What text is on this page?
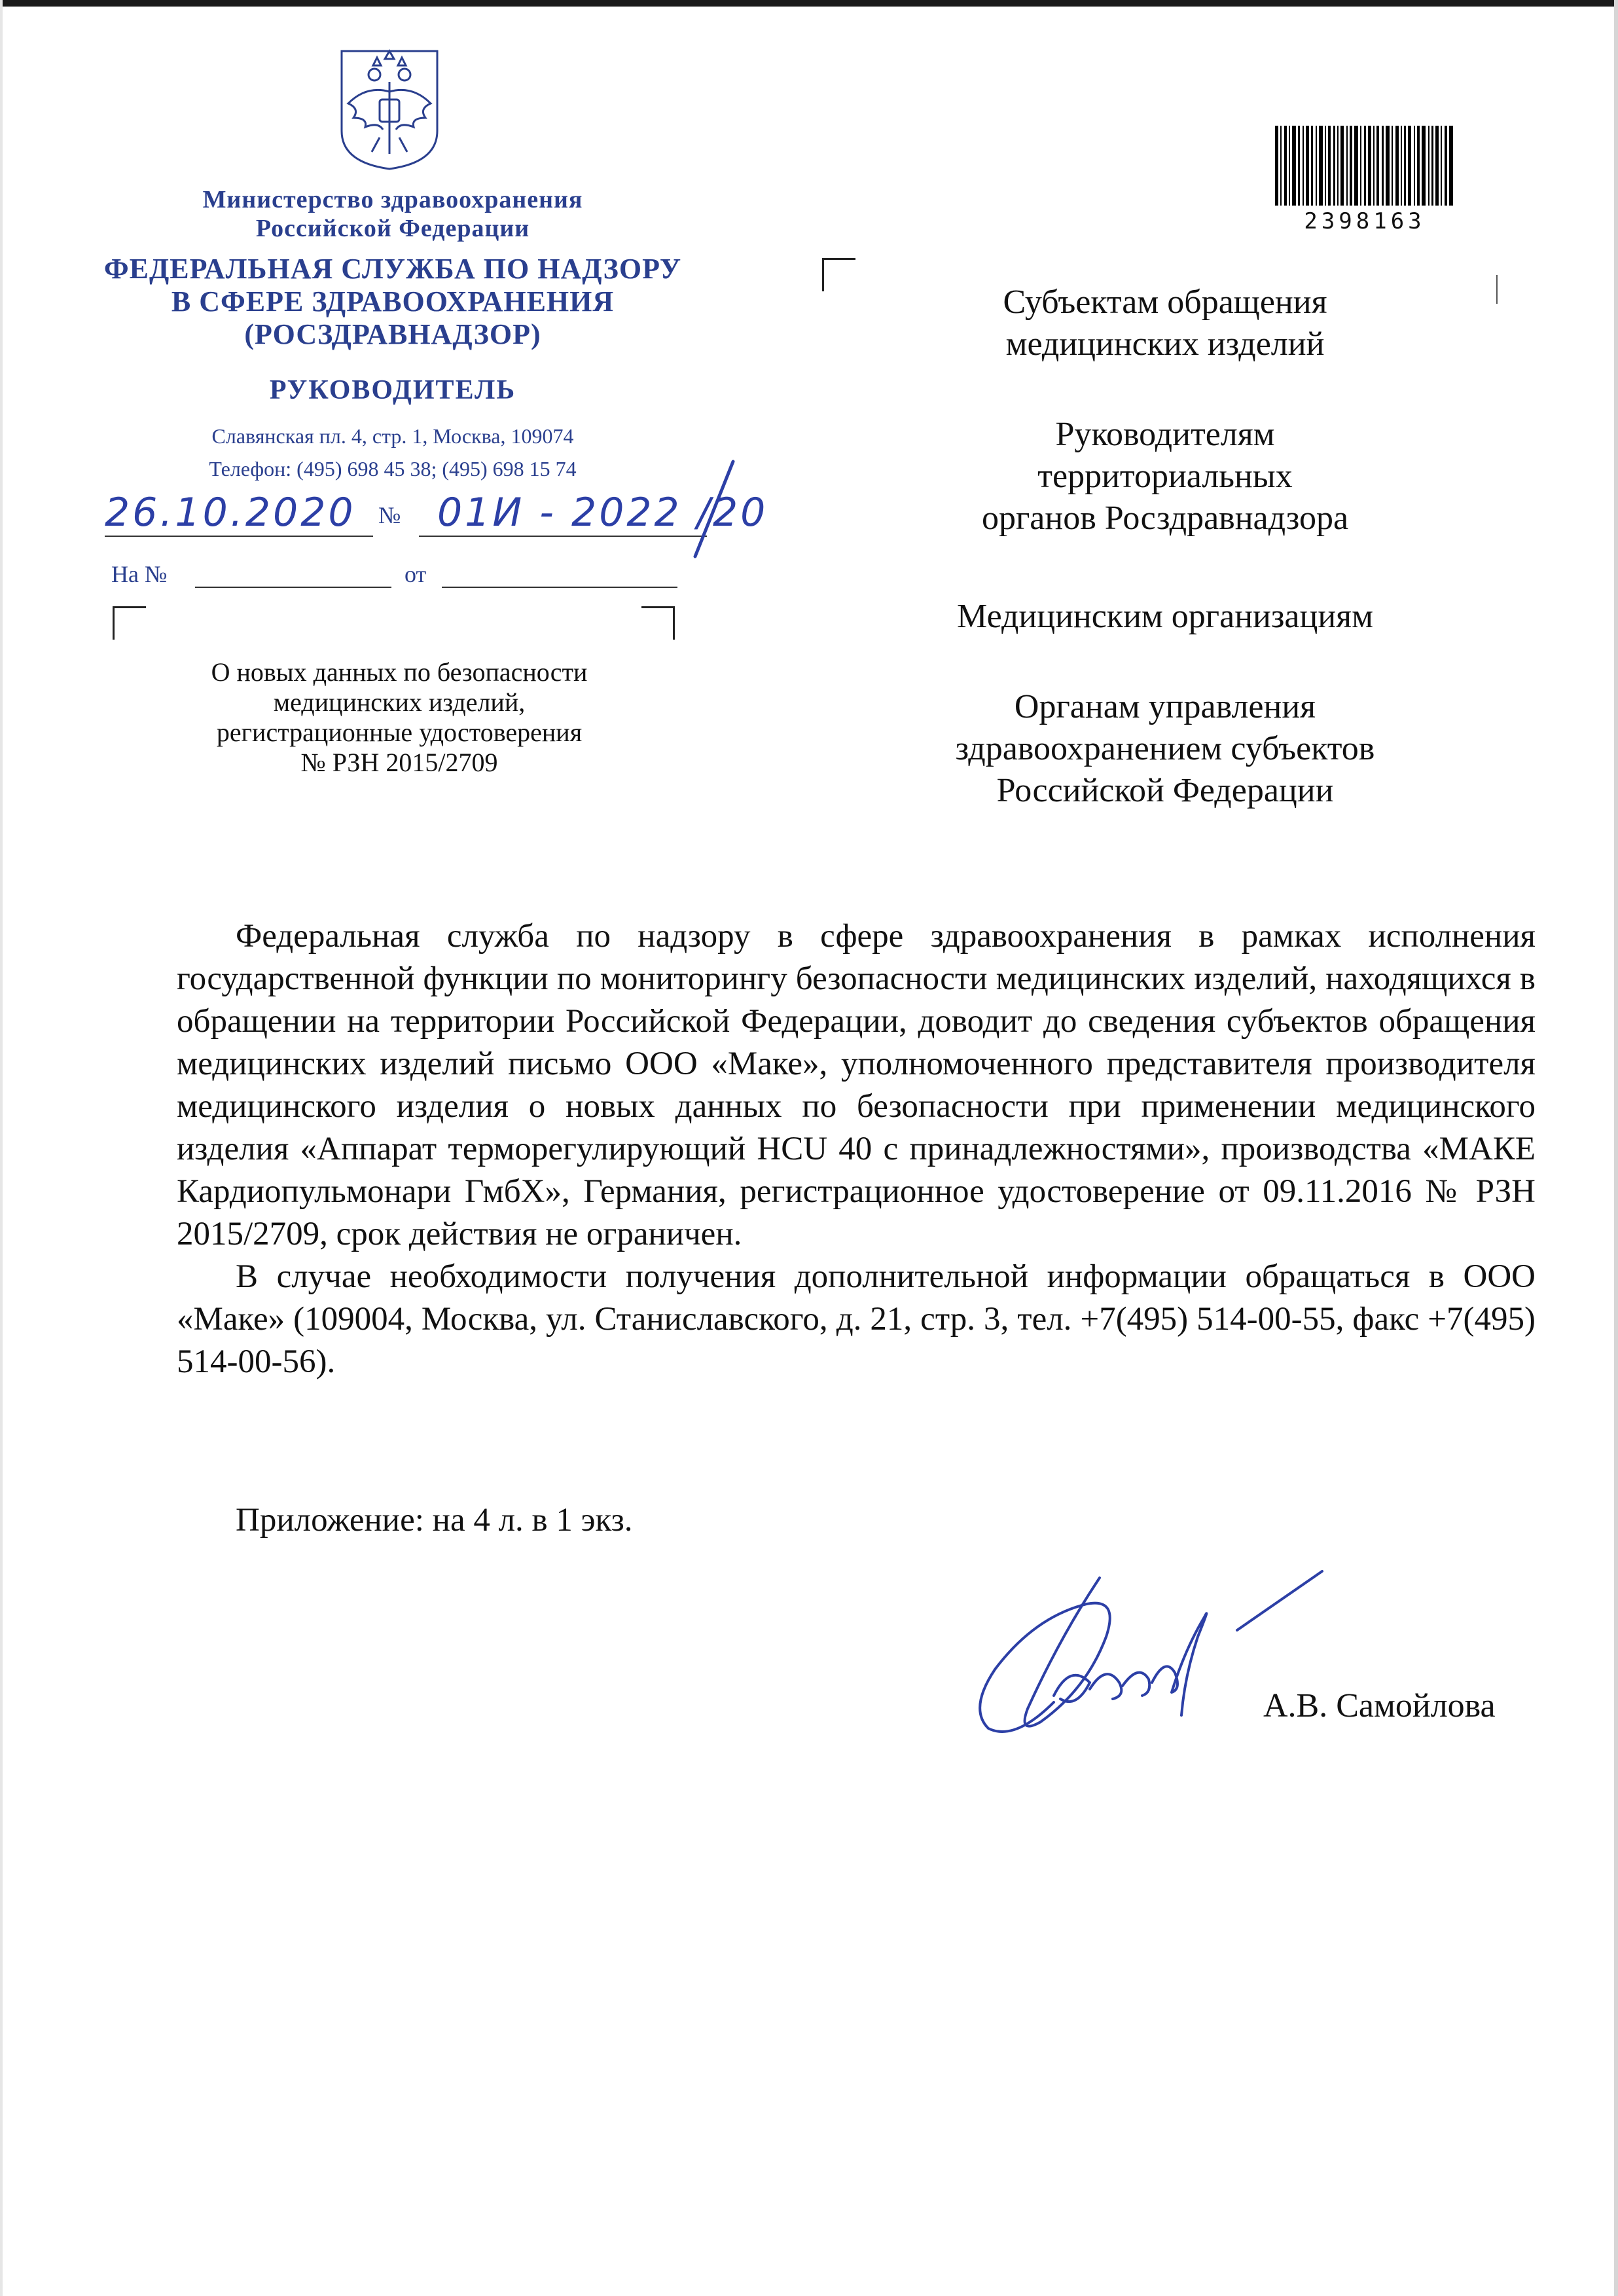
Министерство здравоохранения
Российской Федерации
ФЕДЕРАЛЬНАЯ СЛУЖБА ПО НАДЗОРУ
В СФЕРЕ ЗДРАВООХРАНЕНИЯ
(РОСЗДРАВНАДЗОР)
РУКОВОДИТЕЛЬ
Славянская пл. 4, стр. 1, Москва, 109074
Телефон: (495) 698 45 38; (495) 698 15 74
26.10.2020 № 01И - 2022 /20
На №	от
О новых данных по безопасности
медицинских изделий,
регистрационные удостоверения
№ РЗН 2015/2709
2398163
Субъектам обращения
медицинских изделий
Руководителям
территориальных
органов Росздравнадзора
Медицинским организациям
Органам управления
здравоохранением субъектов
Российской Федерации

Федеральная служба по надзору в сфере здравоохранения в рамках исполнения государственной функции по мониторингу безопасности медицинских изделий, находящихся в обращении на территории Российской Федерации, доводит до сведения субъектов обращения медицинских изделий письмо ООО «Маке», уполномоченного представителя производителя медицинского изделия о новых данных по безопасности при применении медицинского изделия «Аппарат терморегулирующий HCU 40 с принадлежностями», производства «МАКЕ Кардиопульмонари ГмбХ», Германия, регистрационное удостоверение от 09.11.2016 № РЗН 2015/2709, срок действия не ограничен.

В случае необходимости получения дополнительной информации обращаться в ООО «Маке» (109004, Москва, ул. Станиславского, д. 21, стр. 3, тел. +7(495) 514-00-55, факс +7(495) 514-00-56).

Приложение: на 4 л. в 1 экз.

А.В. Самойлова
